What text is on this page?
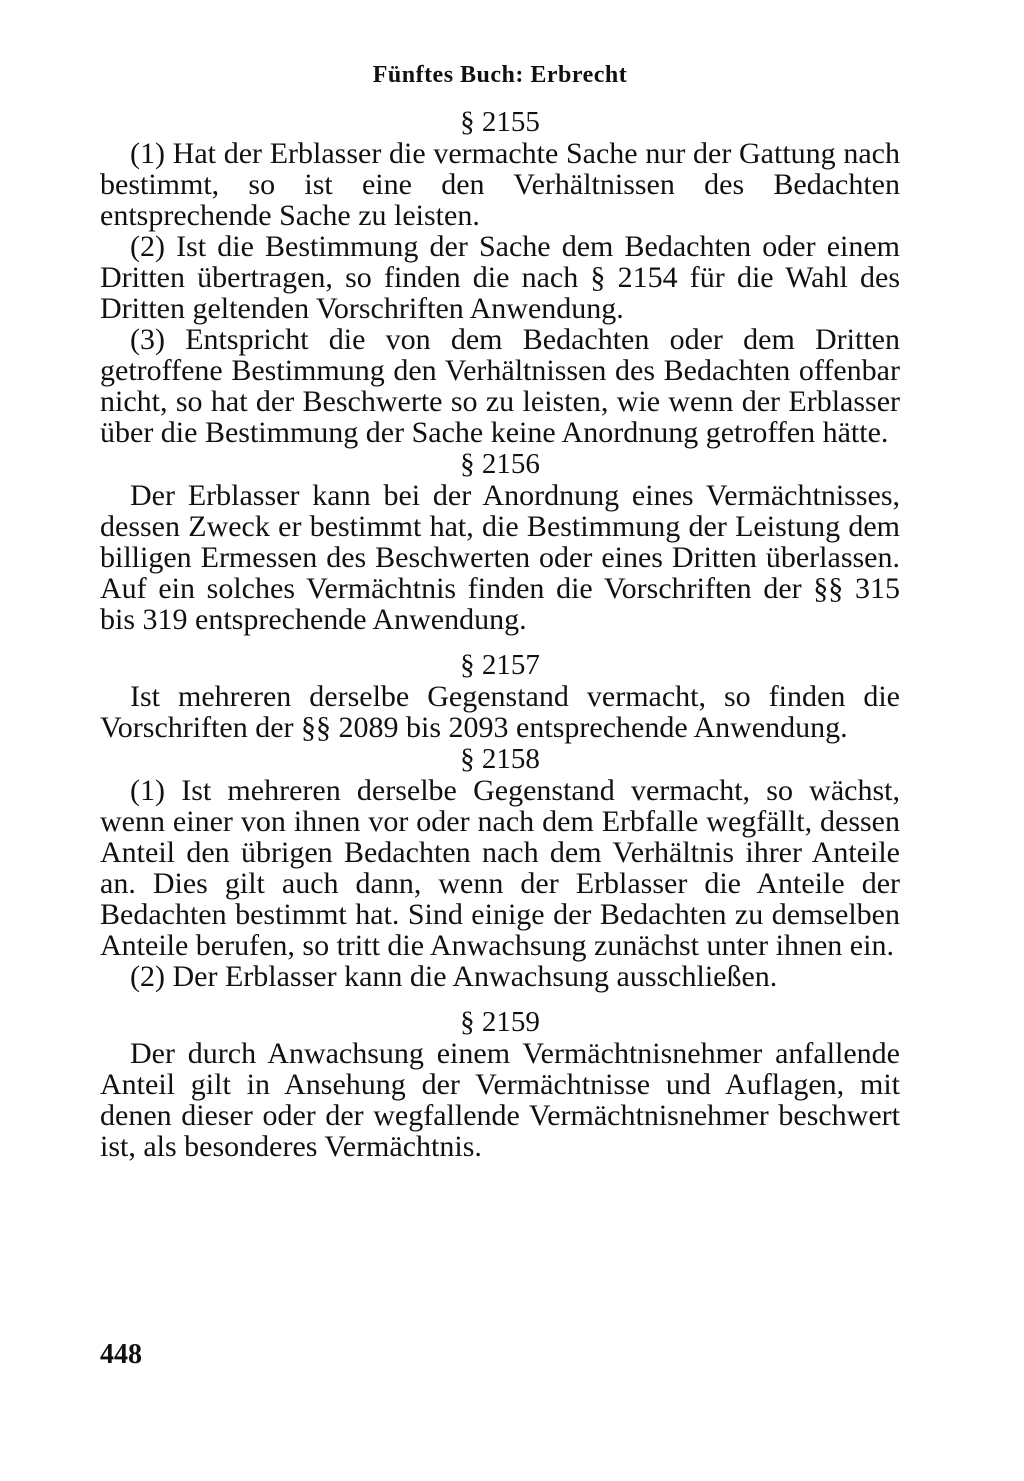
Fünftes Buch: Erbrecht
§ 2155

(1) Hat der Erblasser die vermachte Sache nur der Gattung nach bestimmt, so ist eine den Verhältnissen des Bedachten entsprechende Sache zu leisten.

(2) Ist die Bestimmung der Sache dem Bedachten oder einem Dritten übertragen, so finden die nach § 2154 für die Wahl des Dritten geltenden Vorschriften Anwendung.

(3) Entspricht die von dem Bedachten oder dem Dritten getroffene Bestimmung den Verhältnissen des Bedachten offenbar nicht, so hat der Beschwerte so zu leisten, wie wenn der Erblasser über die Bestimmung der Sache keine Anordnung getroffen hätte.

§ 2156

Der Erblasser kann bei der Anordnung eines Vermächtnisses, dessen Zweck er bestimmt hat, die Bestimmung der Leistung dem billigen Ermessen des Beschwerten oder eines Dritten überlassen. Auf ein solches Vermächtnis finden die Vorschriften der §§ 315 bis 319 entsprechende Anwendung.

§ 2157

Ist mehreren derselbe Gegenstand vermacht, so finden die Vorschriften der §§ 2089 bis 2093 entsprechende Anwendung.

§ 2158

(1) Ist mehreren derselbe Gegenstand vermacht, so wächst, wenn einer von ihnen vor oder nach dem Erbfalle wegfällt, dessen Anteil den übrigen Bedachten nach dem Verhältnis ihrer Anteile an. Dies gilt auch dann, wenn der Erblasser die Anteile der Bedachten bestimmt hat. Sind einige der Bedachten zu demselben Anteile berufen, so tritt die Anwachsung zunächst unter ihnen ein.

(2) Der Erblasser kann die Anwachsung ausschließen.

§ 2159

Der durch Anwachsung einem Vermächtnisnehmer anfallende Anteil gilt in Ansehung der Vermächtnisse und Auflagen, mit denen dieser oder der wegfallende Vermächtnisnehmer beschwert ist, als besonderes Vermächtnis.

448
